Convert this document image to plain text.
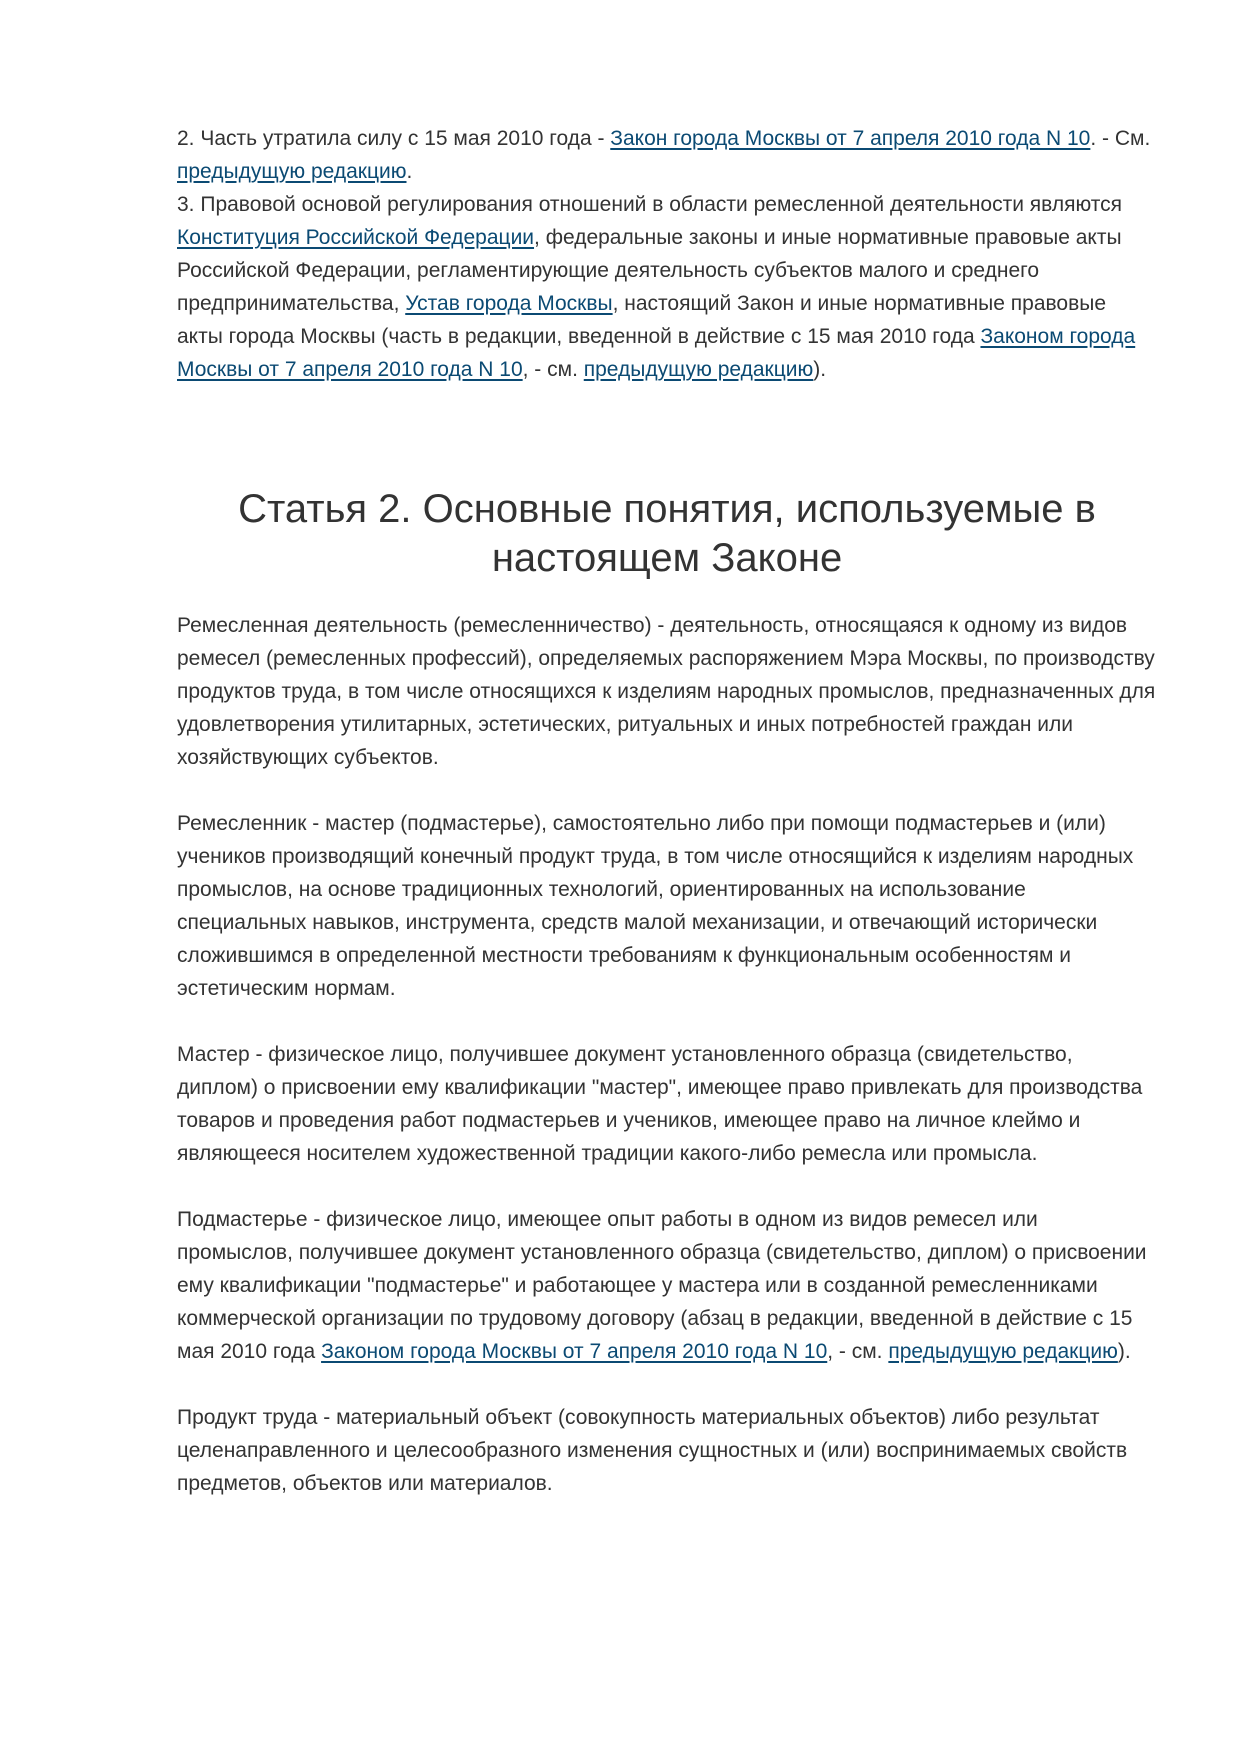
2. Часть утратила силу с 15 мая 2010 года - Закон города Москвы от 7 апреля 2010 года N 10. - См. предыдущую редакцию.

3. Правовой основой регулирования отношений в области ремесленной деятельности являются Конституция Российской Федерации, федеральные законы и иные нормативные правовые акты Российской Федерации, регламентирующие деятельность субъектов малого и среднего предпринимательства, Устав города Москвы, настоящий Закон и иные нормативные правовые акты города Москвы (часть в редакции, введенной в действие с 15 мая 2010 года Законом города Москвы от 7 апреля 2010 года N 10, - см. предыдущую редакцию).

Статья 2. Основные понятия, используемые в настоящем Законе

Ремесленная деятельность (ремесленничество) - деятельность, относящаяся к одному из видов ремесел (ремесленных профессий), определяемых распоряжением Мэра Москвы, по производству продуктов труда, в том числе относящихся к изделиям народных промыслов, предназначенных для удовлетворения утилитарных, эстетических, ритуальных и иных потребностей граждан или хозяйствующих субъектов.

Ремесленник - мастер (подмастерье), самостоятельно либо при помощи подмастерьев и (или) учеников производящий конечный продукт труда, в том числе относящийся к изделиям народных промыслов, на основе традиционных технологий, ориентированных на использование специальных навыков, инструмента, средств малой механизации, и отвечающий исторически сложившимся в определенной местности требованиям к функциональным особенностям и эстетическим нормам.

Мастер - физическое лицо, получившее документ установленного образца (свидетельство, диплом) о присвоении ему квалификации "мастер", имеющее право привлекать для производства товаров и проведения работ подмастерьев и учеников, имеющее право на личное клеймо и являющееся носителем художественной традиции какого-либо ремесла или промысла.

Подмастерье - физическое лицо, имеющее опыт работы в одном из видов ремесел или промыслов, получившее документ установленного образца (свидетельство, диплом) о присвоении ему квалификации "подмастерье" и работающее у мастера или в созданной ремесленниками коммерческой организации по трудовому договору (абзац в редакции, введенной в действие с 15 мая 2010 года Законом города Москвы от 7 апреля 2010 года N 10, - см. предыдущую редакцию).

Продукт труда - материальный объект (совокупность материальных объектов) либо результат целенаправленного и целесообразного изменения сущностных и (или) воспринимаемых свойств предметов, объектов или материалов.
